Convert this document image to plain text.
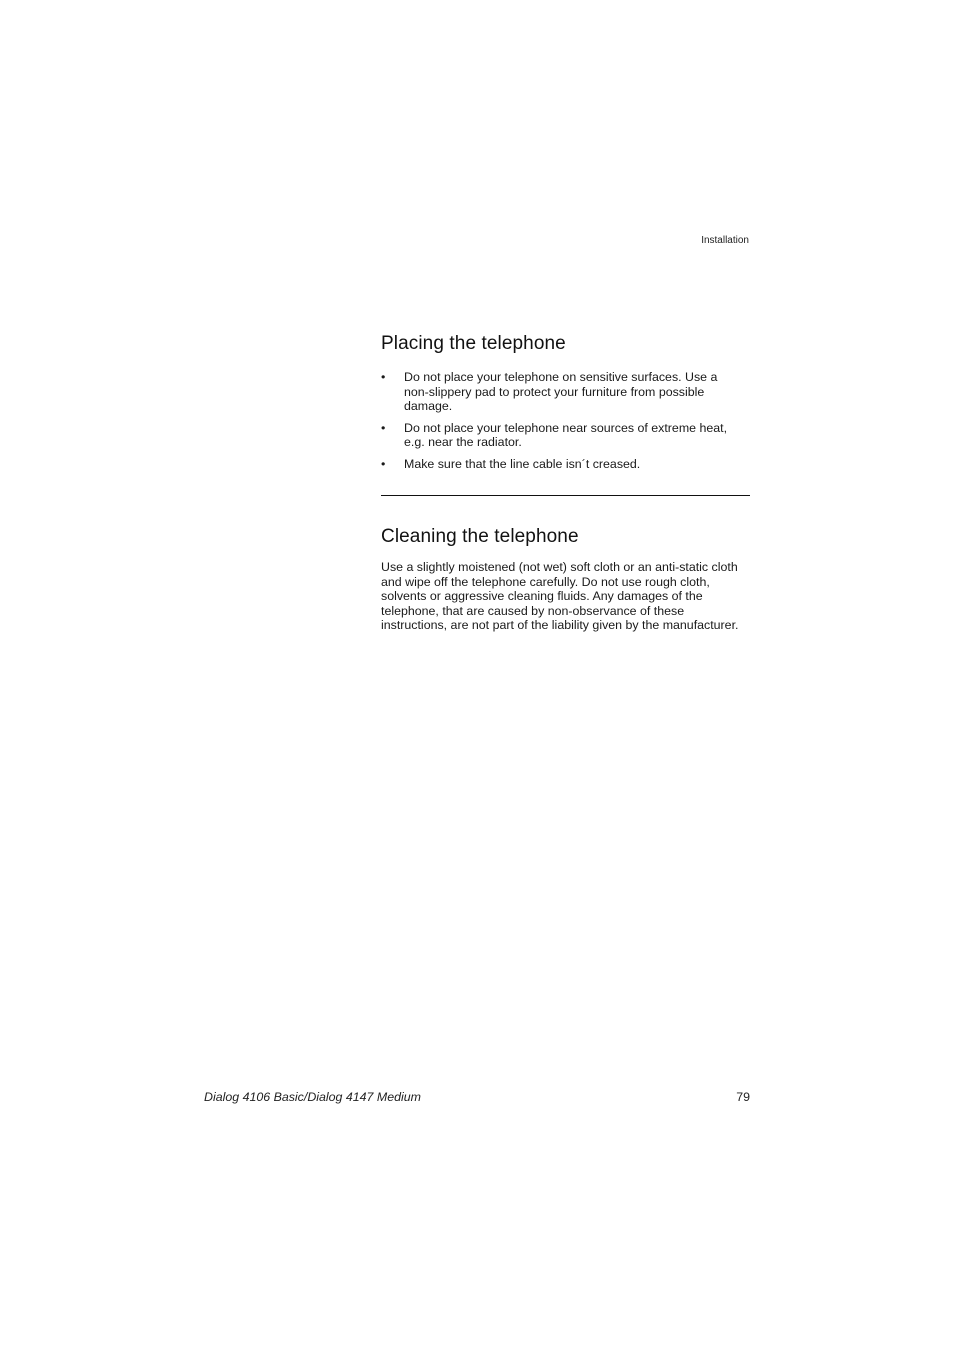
Installation
Placing the telephone
• Do not place your telephone on sensitive surfaces. Use a non-slippery pad to protect your furniture from possible damage.
• Do not place your telephone near sources of extreme heat, e.g. near the radiator.
• Make sure that the line cable isn´t creased.
Cleaning the telephone

Use a slightly moistened (not wet) soft cloth or an anti-static cloth and wipe off the telephone carefully. Do not use rough cloth, solvents or aggressive cleaning fluids. Any damages of the telephone, that are caused by non-observance of these instructions, are not part of the liability given by the manufacturer.

Dialog 4106 Basic/Dialog 4147 Medium	79
